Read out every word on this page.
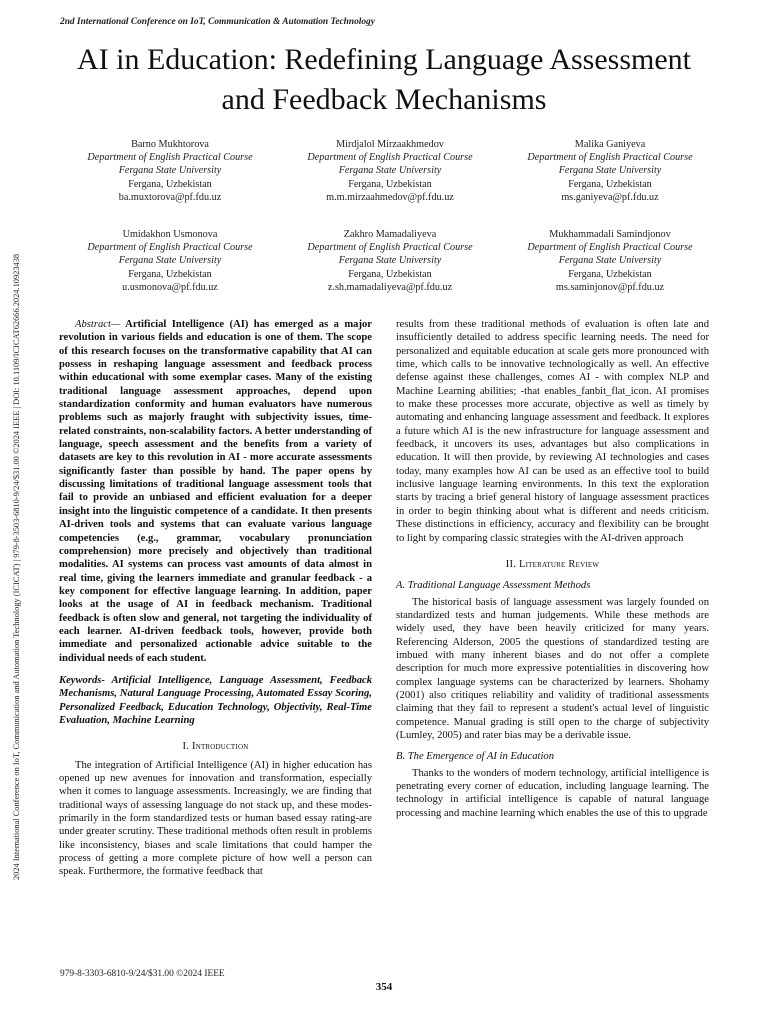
2nd International Conference on IoT, Communication & Automation Technology
AI in Education: Redefining Language Assessment
and Feedback Mechanisms
2024 International Conference on IoT, Communication and Automation Technology (ICICAT) | 979-8-3503-6810-9/24/$31.00 ©2024 IEEE | DOI: 10.1109/ICICAT62666.2024.10923438
Barno Mukhtorova
Department of English Practical Course
Fergana State University
Fergana, Uzbekistan
ba.muxtorova@pf.fdu.uz
Mirdjalol Mirzaakhmedov
Department of English Practical Course
Fergana State University
Fergana, Uzbekistan
m.m.mirzaahmedov@pf.fdu.uz
Malika Ganiyeva
Department of English Practical Course
Fergana State University
Fergana, Uzbekistan
ms.ganiyeva@pf.fdu.uz
Umidakhon Usmonova
Department of English Practical Course
Fergana State University
Fergana, Uzbekistan
u.usmonova@pf.fdu.uz
Zakhro Mamadaliyeva
Department of English Practical Course
Fergana State University
Fergana, Uzbekistan
z.sh.mamadaliyeva@pf.fdu.uz
Mukhammadali Samindjonov
Department of English Practical Course
Fergana State University
Fergana, Uzbekistan
ms.saminjonov@pf.fdu.uz

Abstract— Artificial Intelligence (AI) has emerged as a major revolution in various fields and education is one of them. The scope of this research focuses on the transformative capability that AI can possess in reshaping language assessment and feedback process within educational with some exemplar cases. Many of the existing traditional language assessment approaches, depend upon standardization conformity and human evaluators have numerous problems such as majorly fraught with subjectivity issues, time-related constraints, non-scalability factors. A better understanding of language, speech assessment and the benefits from a variety of datasets are key to this revolution in AI - more accurate assessments significantly faster than possible by hand. The paper opens by discussing limitations of traditional language assessment tools that fail to provide an unbiased and efficient evaluation for a deeper insight into the linguistic competence of a candidate. It then presents AI-driven tools and systems that can evaluate various language competencies (e.g., grammar, vocabulary pronunciation comprehension) more precisely and objectively than traditional modalities. AI systems can process vast amounts of data almost in real time, giving the learners immediate and granular feedback - a key component for effective language learning. In addition, paper looks at the usage of AI in feedback mechanism. Traditional feedback is often slow and general, not targeting the individuality of each learner. AI-driven feedback tools, however, provide both immediate and personalized actionable advice suitable to the individual needs of each student.

Keywords- Artificial Intelligence, Language Assessment, Feedback Mechanisms, Natural Language Processing, Automated Essay Scoring, Personalized Feedback, Education Technology, Objectivity, Real-Time Evaluation, Machine Learning

I. Introduction

The integration of Artificial Intelligence (AI) in higher education has opened up new avenues for innovation and transformation, especially when it comes to language assessments. Increasingly, we are finding that traditional ways of assessing language do not stack up, and these modes-primarily in the form standardized tests or human based essay rating-are under greater scrutiny. These traditional methods often result in problems like inconsistency, biases and scale limitations that could hamper the process of getting a more complete picture of how well a person can speak. Furthermore, the formative feedback that

results from these traditional methods of evaluation is often late and insufficiently detailed to address specific learning needs. The need for personalized and equitable education at scale gets more pronounced with time, which calls to be innovative technologically as well. An effective defense against these challenges, comes AI - with complex NLP and Machine Learning abilities; -that enables_fanbit_flat_icon. AI promises to make these processes more accurate, objective as well as timely by automating and enhancing language assessment and feedback. It explores a future which AI is the new infrastructure for language assessment and feedback, it uncovers its uses, advantages but also complications in education. It will then provide, by reviewing AI technologies and cases today, many examples how AI can be used as an effective tool to build inclusive language learning environments. In this text the exploration starts by tracing a brief general history of language assessment practices in order to begin thinking about what is different and needs criticism. These distinctions in efficiency, accuracy and flexibility can be brought to light by comparing classic strategies with the AI-driven approach

II. Literature Review
A. Traditional Language Assessment Methods

The historical basis of language assessment was largely founded on standardized tests and human judgements. While these methods are widely used, they have been heavily criticized for many years. Referencing Alderson, 2005 the questions of standardized testing are imbued with many inherent biases and do not offer a complete description for much more expressive potentialities in discovering how complex language systems can be characterized by learners. Shohamy (2001) also critiques reliability and validity of traditional assessments claiming that they fail to represent a student's actual level of linguistic competence. Manual grading is still open to the charge of subjectivity (Lumley, 2005) and rater bias may be a derivable issue.

B. The Emergence of AI in Education

Thanks to the wonders of modern technology, artificial intelligence is penetrating every corner of education, including language learning. The technology in artificial intelligence is capable of natural language processing and machine learning which enables the use of this to upgrade

979-8-3303-6810-9/24/$31.00 ©2024 IEEE
354
